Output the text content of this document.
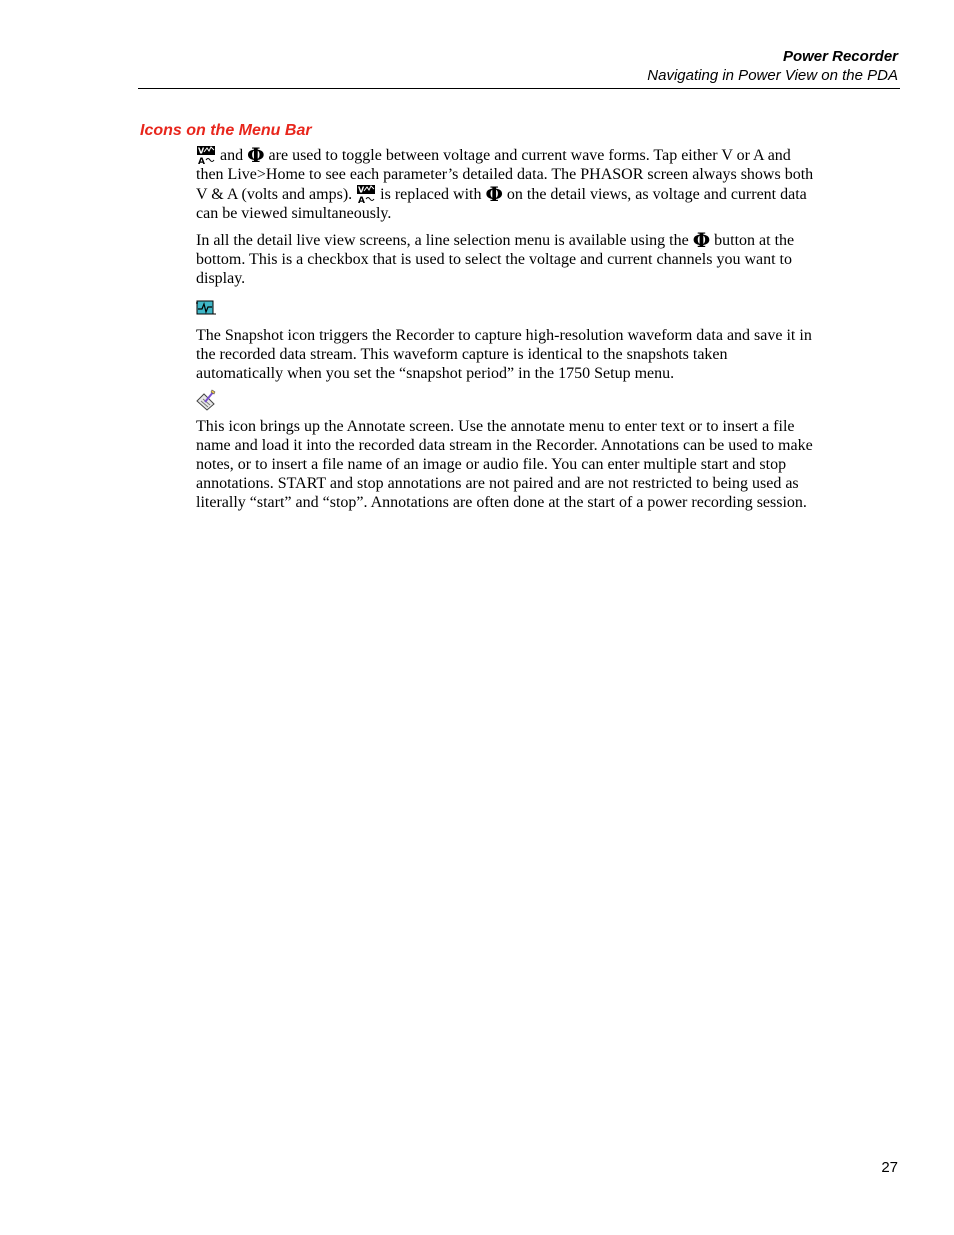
Power Recorder
Navigating in Power View on the PDA
Icons on the Menu Bar

V
A and Φ are used to toggle between voltage and current wave forms. Tap either V or A and then Live>Home to see each parameter’s detailed data. The PHASOR screen always shows both V & A (volts and amps). V
A is replaced with Φ on the detail views, as voltage and current data can be viewed simultaneously.

In all the detail live view screens, a line selection menu is available using the Φ button at the bottom. This is a checkbox that is used to select the voltage and current channels you want to display.

The Snapshot icon triggers the Recorder to capture high-resolution waveform data and save it in the recorded data stream. This waveform capture is identical to the snapshots taken automatically when you set the “snapshot period” in the 1750 Setup menu.

This icon brings up the Annotate screen. Use the annotate menu to enter text or to insert a file name and load it into the recorded data stream in the Recorder. Annotations can be used to make notes, or to insert a file name of an image or audio file. You can enter multiple start and stop annotations. START and stop annotations are not paired and are not restricted to being used as literally “start” and “stop”. Annotations are often done at the start of a power recording session.

27
